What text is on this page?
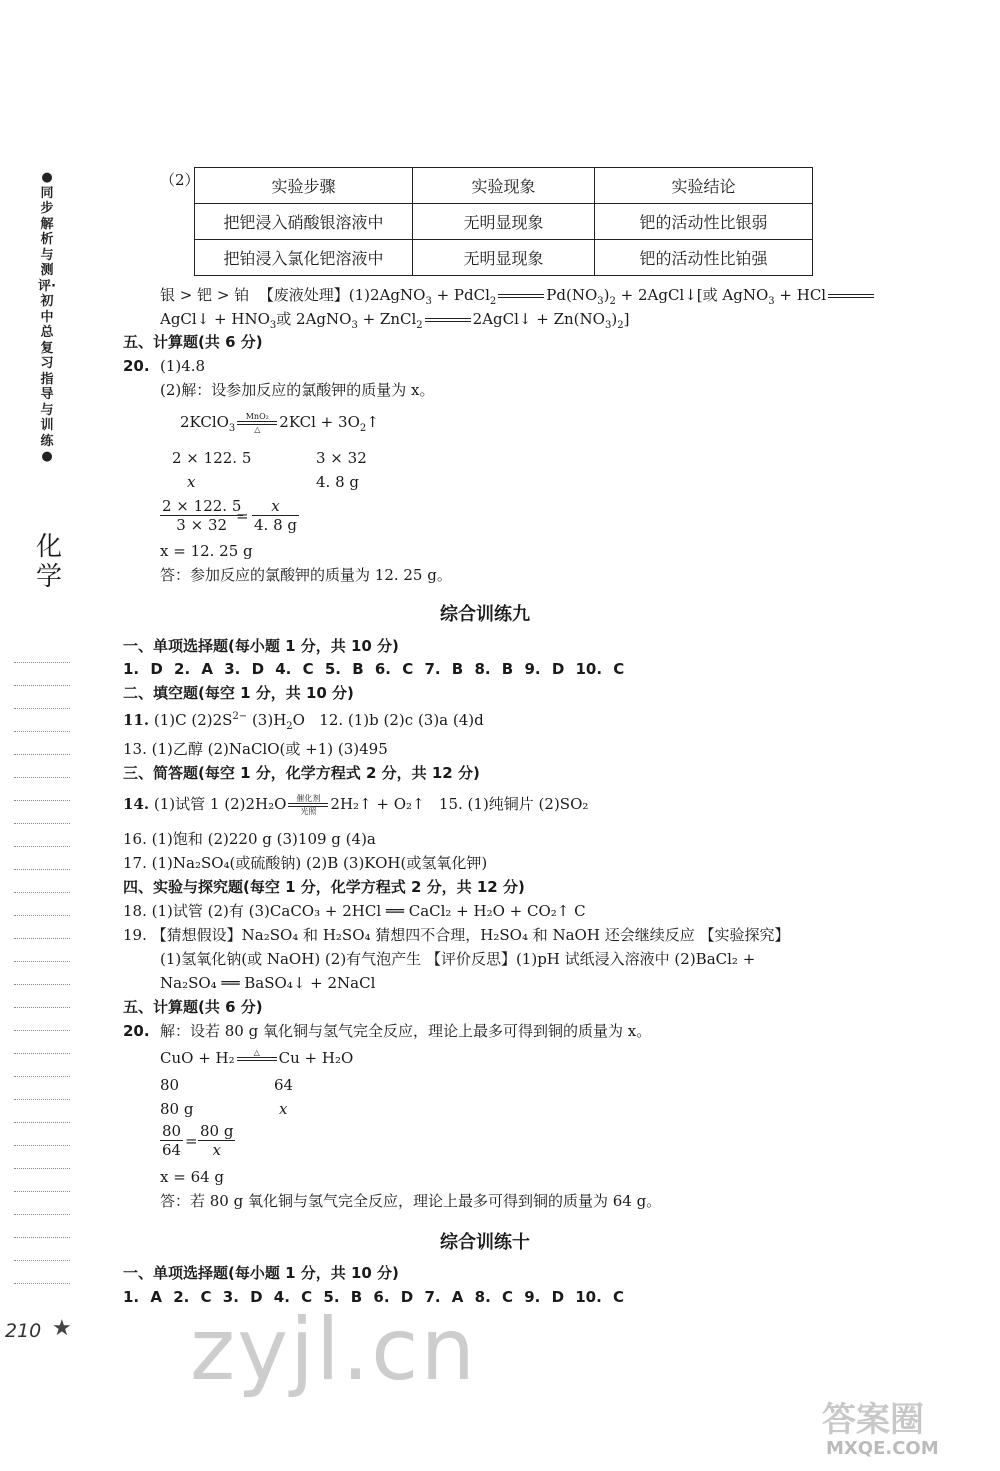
●同步解析与测评·初中总复习指导与训练●
化学
（2）	实验步骤	实验现象	实验结论
把钯浸入硝酸银溶液中	无明显现象	钯的活动性比银弱
把铂浸入氯化钯溶液中	无明显现象	钯的活动性比铂强
银 > 钯 > 铂 【废液处理】(1)2AgNO$_3$ + PdCl$_2$	$Pd(NO_3)_2$ + 2AgCl↓[或 AgNO$_3$ + HCl
AgCl↓ + $HNO_3$或 2AgNO$_3$ + ZnCl$_2$	2AgCl↓ + $Zn(NO_3)_2$]
五、计算题(共 6 分)
20. (1)4.8
(2)解：设参加反应的氯酸钾的质量为 x。
2KClO$_3$
MnO₂
△	$2KCl + 3O_2↑$
2 × 122. 5	3 × 32
x	4. 8 g
$\frac{2 \times 122. 5}{3 \times 32}$
= $\frac{x}{4. 8 g}$
x = 12. 25 g
答：参加反应的氯酸钾的质量为 12. 25 g。
综合训练九
一、单项选择题(每小题 1 分，共 10 分)
1. D 2. A 3. D 4. C 5. B 6. C 7. B 8. B 9. D 10. C
二、填空题(每空 1 分，共 10 分)
11. (1)C $(2)2S^{2-}$ $(3)H_2O$   12. (1)b (2)c (3)a (4)d
13. (1)乙醇 (2)NaClO(或 +1) (3)495
三、简答题(每空 1 分，化学方程式 2 分，共 12 分)
14. (1)试管 1 (2)2H₂O	催化剂
光照 2H₂↑ + O₂↑ 15. (1)纯铜片 (2)SO₂
16. (1)饱和 (2)220 g (3)109 g (4)a
17. (1)Na₂SO₄(或硫酸钠) (2)B (3)KOH(或氢氧化钾)
四、实验与探究题(每空 1 分，化学方程式 2 分，共 12 分)
18. (1)试管 (2)有 (3)CaCO₃ + 2HCl ══ CaCl₂ + H₂O + CO₂↑ C
19. 【猜想假设】Na₂SO₄ 和 H₂SO₄ 猜想四不合理，H₂SO₄ 和 NaOH 还会继续反应 【实验探究】
(1)氢氧化钠(或 NaOH) (2)有气泡产生 【评价反思】(1)pH 试纸浸入溶液中 (2)BaCl₂ +
Na₂SO₄ ══ BaSO₄↓ + 2NaCl
五、计算题(共 6 分)
20. 解：设若 80 g 氧化铜与氢气完全反应，理论上最多可得到铜的质量为 x。
CuO + H₂	△	Cu + H₂O
80	64
80 g	x
$\frac{80}{64} = \frac{80 g}{x}$
x = 64 g
答：若 80 g 氧化铜与氢气完全反应，理论上最多可得到铜的质量为 64 g。
综合训练十
一、单项选择题(每小题 1 分，共 10 分)
1. A 2. C 3. D 4. C 5. B 6. D 7. A 8. C 9. D 10. C
210 ★ zyjl.cn
答案圈
MXQE.COM
